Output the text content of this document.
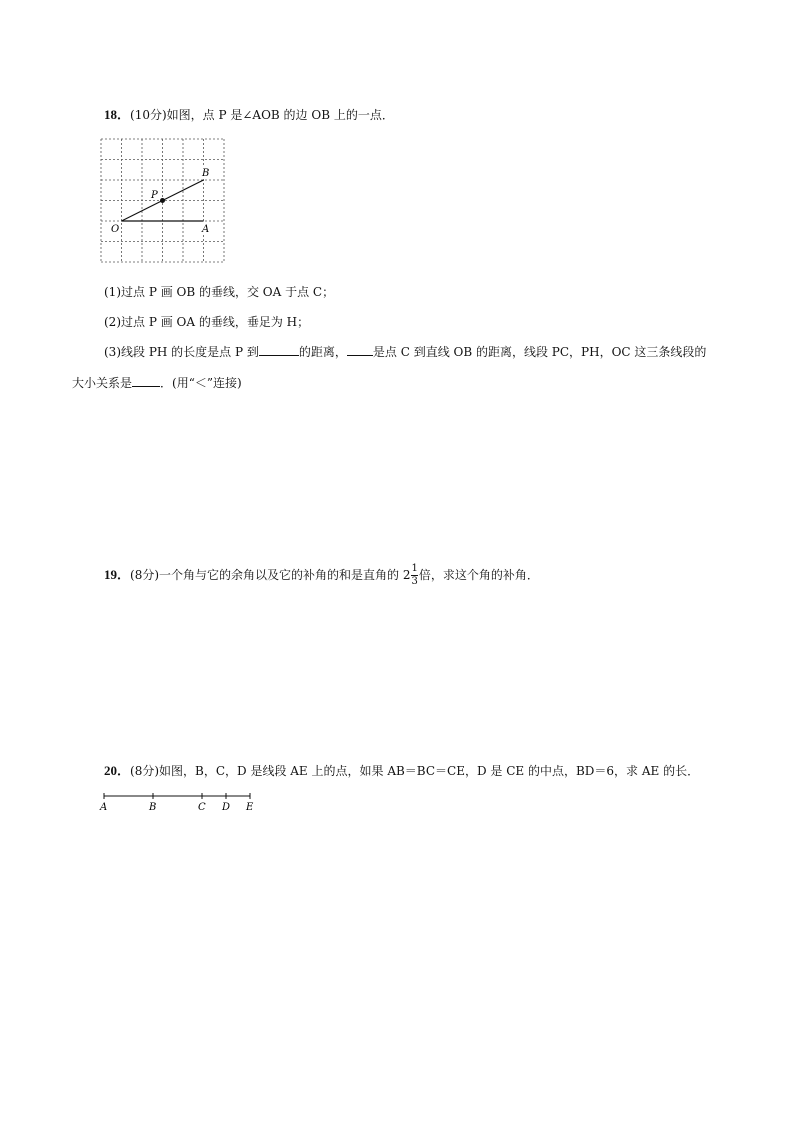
18．(10分)如图，点 P 是∠AOB 的边 OB 上的一点．
B
P
O	A
(1)过点 P 画 OB 的垂线，交 OA 于点 C；
(2)过点 P 画 OA 的垂线，垂足为 H；
(3)线段 PH 的长度是点 P 到	的距离， 是点 C 到直线 OB 的距离，线段 PC，PH，OC 这三条线段的
大小关系是 ．(用“＜”连接)
19．(8分)一个角与它的余角以及它的补角的和是直角的 $2\frac{1}{3}$倍，求这个角的补角．
20．(8分)如图，B，C，D 是线段 AE 上的点，如果 AB＝BC＝CE，D 是 CE 的中点，BD＝6，求 AE 的长．
A	B	C D E
